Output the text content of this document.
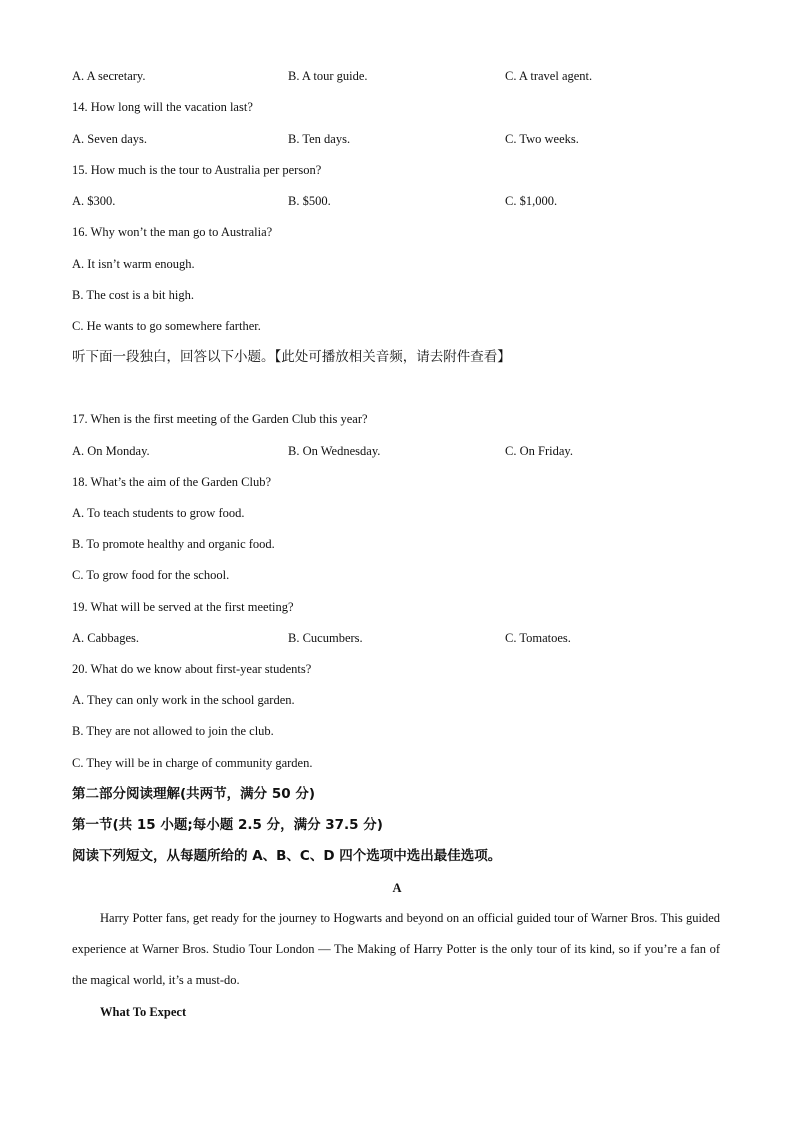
A. A secretary.	B. A tour guide.	C. A travel agent.
14. How long will the vacation last?
A. Seven days.	B. Ten days.	C. Two weeks.
15. How much is the tour to Australia per person?
A. $300.	B. $500.	C. $1,000.
16. Why won’t the man go to Australia?
A. It isn’t warm enough.
B. The cost is a bit high.
C. He wants to go somewhere farther.
听下面一段独白，回答以下小题。【此处可播放相关音频，请去附件查看】
17. When is the first meeting of the Garden Club this year?
A. On Monday.	B. On Wednesday.	C. On Friday.
18. What’s the aim of the Garden Club?
A. To teach students to grow food.
B. To promote healthy and organic food.
C. To grow food for the school.
19. What will be served at the first meeting?
A. Cabbages.	B. Cucumbers.	C. Tomatoes.
20. What do we know about first-year students?
A. They can only work in the school garden.
B. They are not allowed to join the club.
C. They will be in charge of community garden.
第二部分阅读理解(共两节，满分 50 分)
第一节(共 15 小题;每小题 2.5 分，满分 37.5 分)
阅读下列短文，从每题所给的 A、B、C、D 四个选项中选出最佳选项。
A
Harry Potter fans, get ready for the journey to Hogwarts and beyond on an official guided tour of Warner Bros. This guided experience at Warner Bros. Studio Tour London — The Making of Harry Potter is the only tour of its kind, so if you’re a fan of the magical world, it’s a must-do.
What To Expect
